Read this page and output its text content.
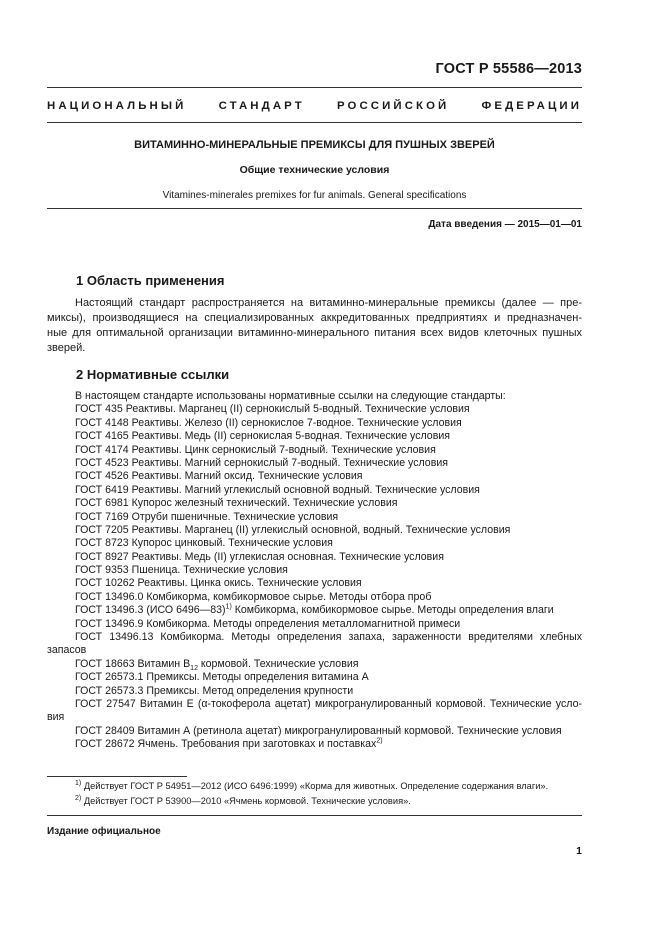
ГОСТ Р 55586—2013
НАЦИОНАЛЬНЫЙ СТАНДАРТ РОССИЙСКОЙ ФЕДЕРАЦИИ
ВИТАМИННО-МИНЕРАЛЬНЫЕ ПРЕМИКСЫ ДЛЯ ПУШНЫХ ЗВЕРЕЙ
Общие технические условия
Vitamines-minerales premixes for fur animals. General specifications
Дата введения — 2015—01—01
1 Область применения
Настоящий стандарт распространяется на витаминно-минеральные премиксы (далее — пре-
миксы), производящиеся на специализированных аккредитованных предприятиях и предназначен-
ные для оптимальной организации витаминно-минерального питания всех видов клеточных пушных
зверей.
2 Нормативные ссылки
В настоящем стандарте использованы нормативные ссылки на следующие стандарты:
ГОСТ 435 Реактивы. Марганец (II) сернокислый 5-водный. Технические условия
ГОСТ 4148 Реактивы. Железо (II) сернокислое 7-водное. Технические условия
ГОСТ 4165 Реактивы. Медь (II) сернокислая 5-водная. Технические условия
ГОСТ 4174 Реактивы. Цинк сернокислый 7-водный. Технические условия
ГОСТ 4523 Реактивы. Магний сернокислый 7-водный. Технические условия
ГОСТ 4526 Реактивы. Магний оксид. Технические условия
ГОСТ 6419 Реактивы. Магний углекислый основной водный. Технические условия
ГОСТ 6981 Купорос железный технический. Технические условия
ГОСТ 7169 Отруби пшеничные. Технические условия
ГОСТ 7205 Реактивы. Марганец (II) углекислый основной, водный. Технические условия
ГОСТ 8723 Купорос цинковый. Технические условия
ГОСТ 8927 Реактивы. Медь (II) углекислая основная. Технические условия
ГОСТ 9353 Пшеница. Технические условия
ГОСТ 10262 Реактивы. Цинка окись. Технические условия
ГОСТ 13496.0 Комбикорма, комбикормовое сырье. Методы отбора проб
ГОСТ 13496.3 (ИСО 6496—83)$^{1)}$ Комбикорма, комбикормовое сырье. Методы определения влаги
ГОСТ 13496.9 Комбикорма. Методы определения металломагнитной примеси
ГОСТ 13496.13 Комбикорма. Методы определения запаха, зараженности вредителями хлебных
запасов
ГОСТ 18663 Витамин $В_{12}$ кормовой. Технические условия
ГОСТ 26573.1 Премиксы. Методы определения витамина А
ГОСТ 26573.3 Премиксы. Метод определения крупности
ГОСТ 27547 Витамин Е (α-токоферола ацетат) микрогранулированный кормовой. Технические усло-
вия
ГОСТ 28409 Витамин А (ретинола ацетат) микрогранулированный кормовой. Технические условия
ГОСТ 28672 Ячмень. Требования при заготовках и поставках$^{2)}$
$^{1)}$ Действует ГОСТ Р 54951—2012 (ИСО 6496:1999) «Корма для животных. Определение содержания влаги».
$^{2)}$ Действует ГОСТ Р 53900—2010 «Ячмень кормовой. Технические условия».
Издание официальное
1
